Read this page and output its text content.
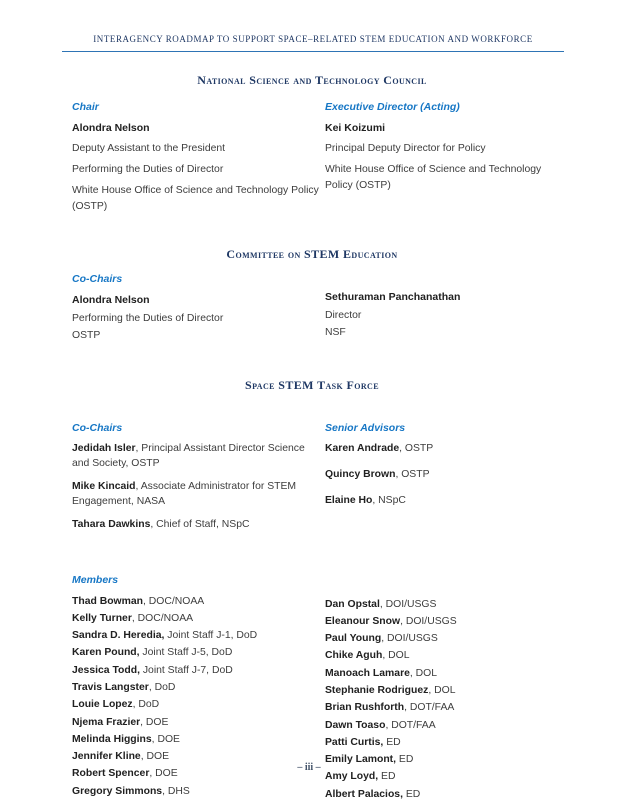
INTERAGENCY ROADMAP TO SUPPORT SPACE–RELATED STEM EDUCATION AND WORKFORCE
National Science and Technology Council

Chair

Alondra Nelson

Deputy Assistant to the President

Performing the Duties of Director

White House Office of Science and Technology Policy (OSTP)

Executive Director (Acting)

Kei Koizumi

Principal Deputy Director for Policy

White House Office of Science and Technology Policy (OSTP)

Committee on STEM Education

Co-Chairs

Alondra Nelson

Performing the Duties of Director

OSTP

Sethuraman Panchanathan

Director

NSF

Space STEM Task Force

Co-Chairs

Jedidah Isler, Principal Assistant Director Science and Society, OSTP

Mike Kincaid, Associate Administrator for STEM Engagement, NASA

Tahara Dawkins, Chief of Staff, NSpC

Senior Advisors

Karen Andrade, OSTP

Quincy Brown, OSTP

Elaine Ho, NSpC

Members

Thad Bowman, DOC/NOAA

Kelly Turner, DOC/NOAA

Sandra D. Heredia, Joint Staff J-1, DoD

Karen Pound, Joint Staff J-5, DoD

Jessica Todd, Joint Staff J-7, DoD

Travis Langster, DoD

Louie Lopez, DoD

Njema Frazier, DOE

Melinda Higgins, DOE

Jennifer Kline, DOE

Robert Spencer, DOE

Gregory Simmons, DHS

Dan Opstal, DOI/USGS

Eleanour Snow, DOI/USGS

Paul Young, DOI/USGS

Chike Aguh, DOL

Manoach Lamare, DOL

Stephanie Rodriguez, DOL

Brian Rushforth, DOT/FAA

Dawn Toaso, DOT/FAA

Patti Curtis, ED

Emily Lamont, ED

Amy Loyd, ED

Albert Palacios, ED

– iii –
